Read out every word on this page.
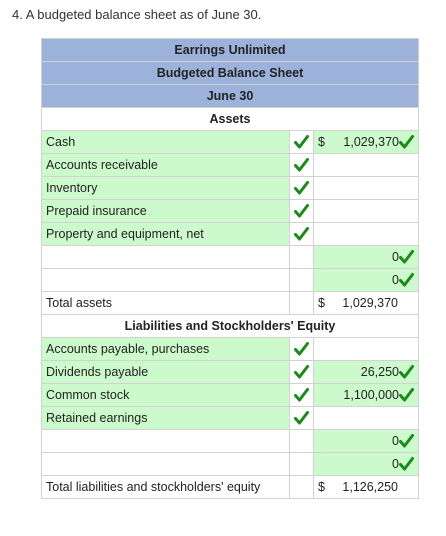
4. A budgeted balance sheet as of June 30.
Earrings Unlimited		
Budgeted Balance Sheet		
June 30		
Assets		
Cash		$ 1,029,370

Accounts receivable	

Inventory	

Prepaid insurance	

Property and equipment, net	

		0

		0

Total assets		$ 1,029,370
Liabilities and Stockholders' Equity		
Accounts payable, purchases	

Dividends payable		26,250

Common stock		1,100,000

Retained earnings	

		0

		0

Total liabilities and stockholders' equity		$ 1,126,250
